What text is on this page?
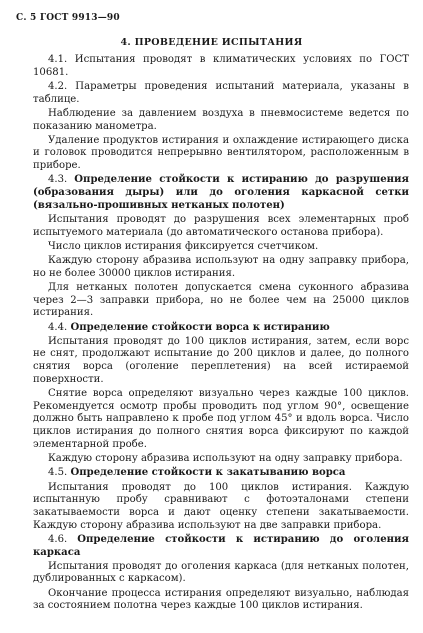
С. 5 ГОСТ 9913—90
4. ПРОВЕДЕНИЕ ИСПЫТАНИЯ

4.1. Испытания проводят в климатических условиях по ГОСТ 10681.

4.2. Параметры проведения испытаний материала, указаны в таблице.

Наблюдение за давлением воздуха в пневмосистеме ведется по показанию манометра.

Удаление продуктов истирания и охлаждение истирающего диска и головок проводится непрерывно вентилятором, расположенным в приборе.

4.3. Определение стойкости к истиранию до разрушения (образования дыры) или до оголения каркасной сетки (вязально-прошивных нетканых полотен)

Испытания проводят до разрушения всех элементарных проб испытуемого материала (до автоматического останова прибора).

Число циклов истирания фиксируется счетчиком.

Каждую сторону абразива используют на одну заправку прибора, но не более 30000 циклов истирания.

Для нетканых полотен допускается смена суконного абразива через 2—3 заправки прибора, но не более чем на 25000 циклов истирания.

4.4. Определение стойкости ворса к истиранию

Испытания проводят до 100 циклов истирания, затем, если ворс не снят, продолжают испытание до 200 циклов и далее, до полного снятия ворса (оголение переплетения) на всей истираемой поверхности.

Снятие ворса определяют визуально через каждые 100 циклов. Рекомендуется осмотр пробы проводить под углом 90°, освещение должно быть направлено к пробе под углом 45° и вдоль ворса. Число циклов истирания до полного снятия ворса фиксируют по каждой элементарной пробе.

Каждую сторону абразива используют на одну заправку прибора.

4.5. Определение стойкости к закатыванию ворса

Испытания проводят до 100 циклов истирания. Каждую испытанную пробу сравнивают с фотоэталонами степени закатываемости ворса и дают оценку степени закатываемости. Каждую сторону абразива используют на две заправки прибора.

4.6. Определение стойкости к истиранию до оголения каркаса

Испытания проводят до оголения каркаса (для нетканых полотен, дублированных с каркасом).

Окончание процесса истирания определяют визуально, наблюдая за состоянием полотна через каждые 100 циклов истирания.
